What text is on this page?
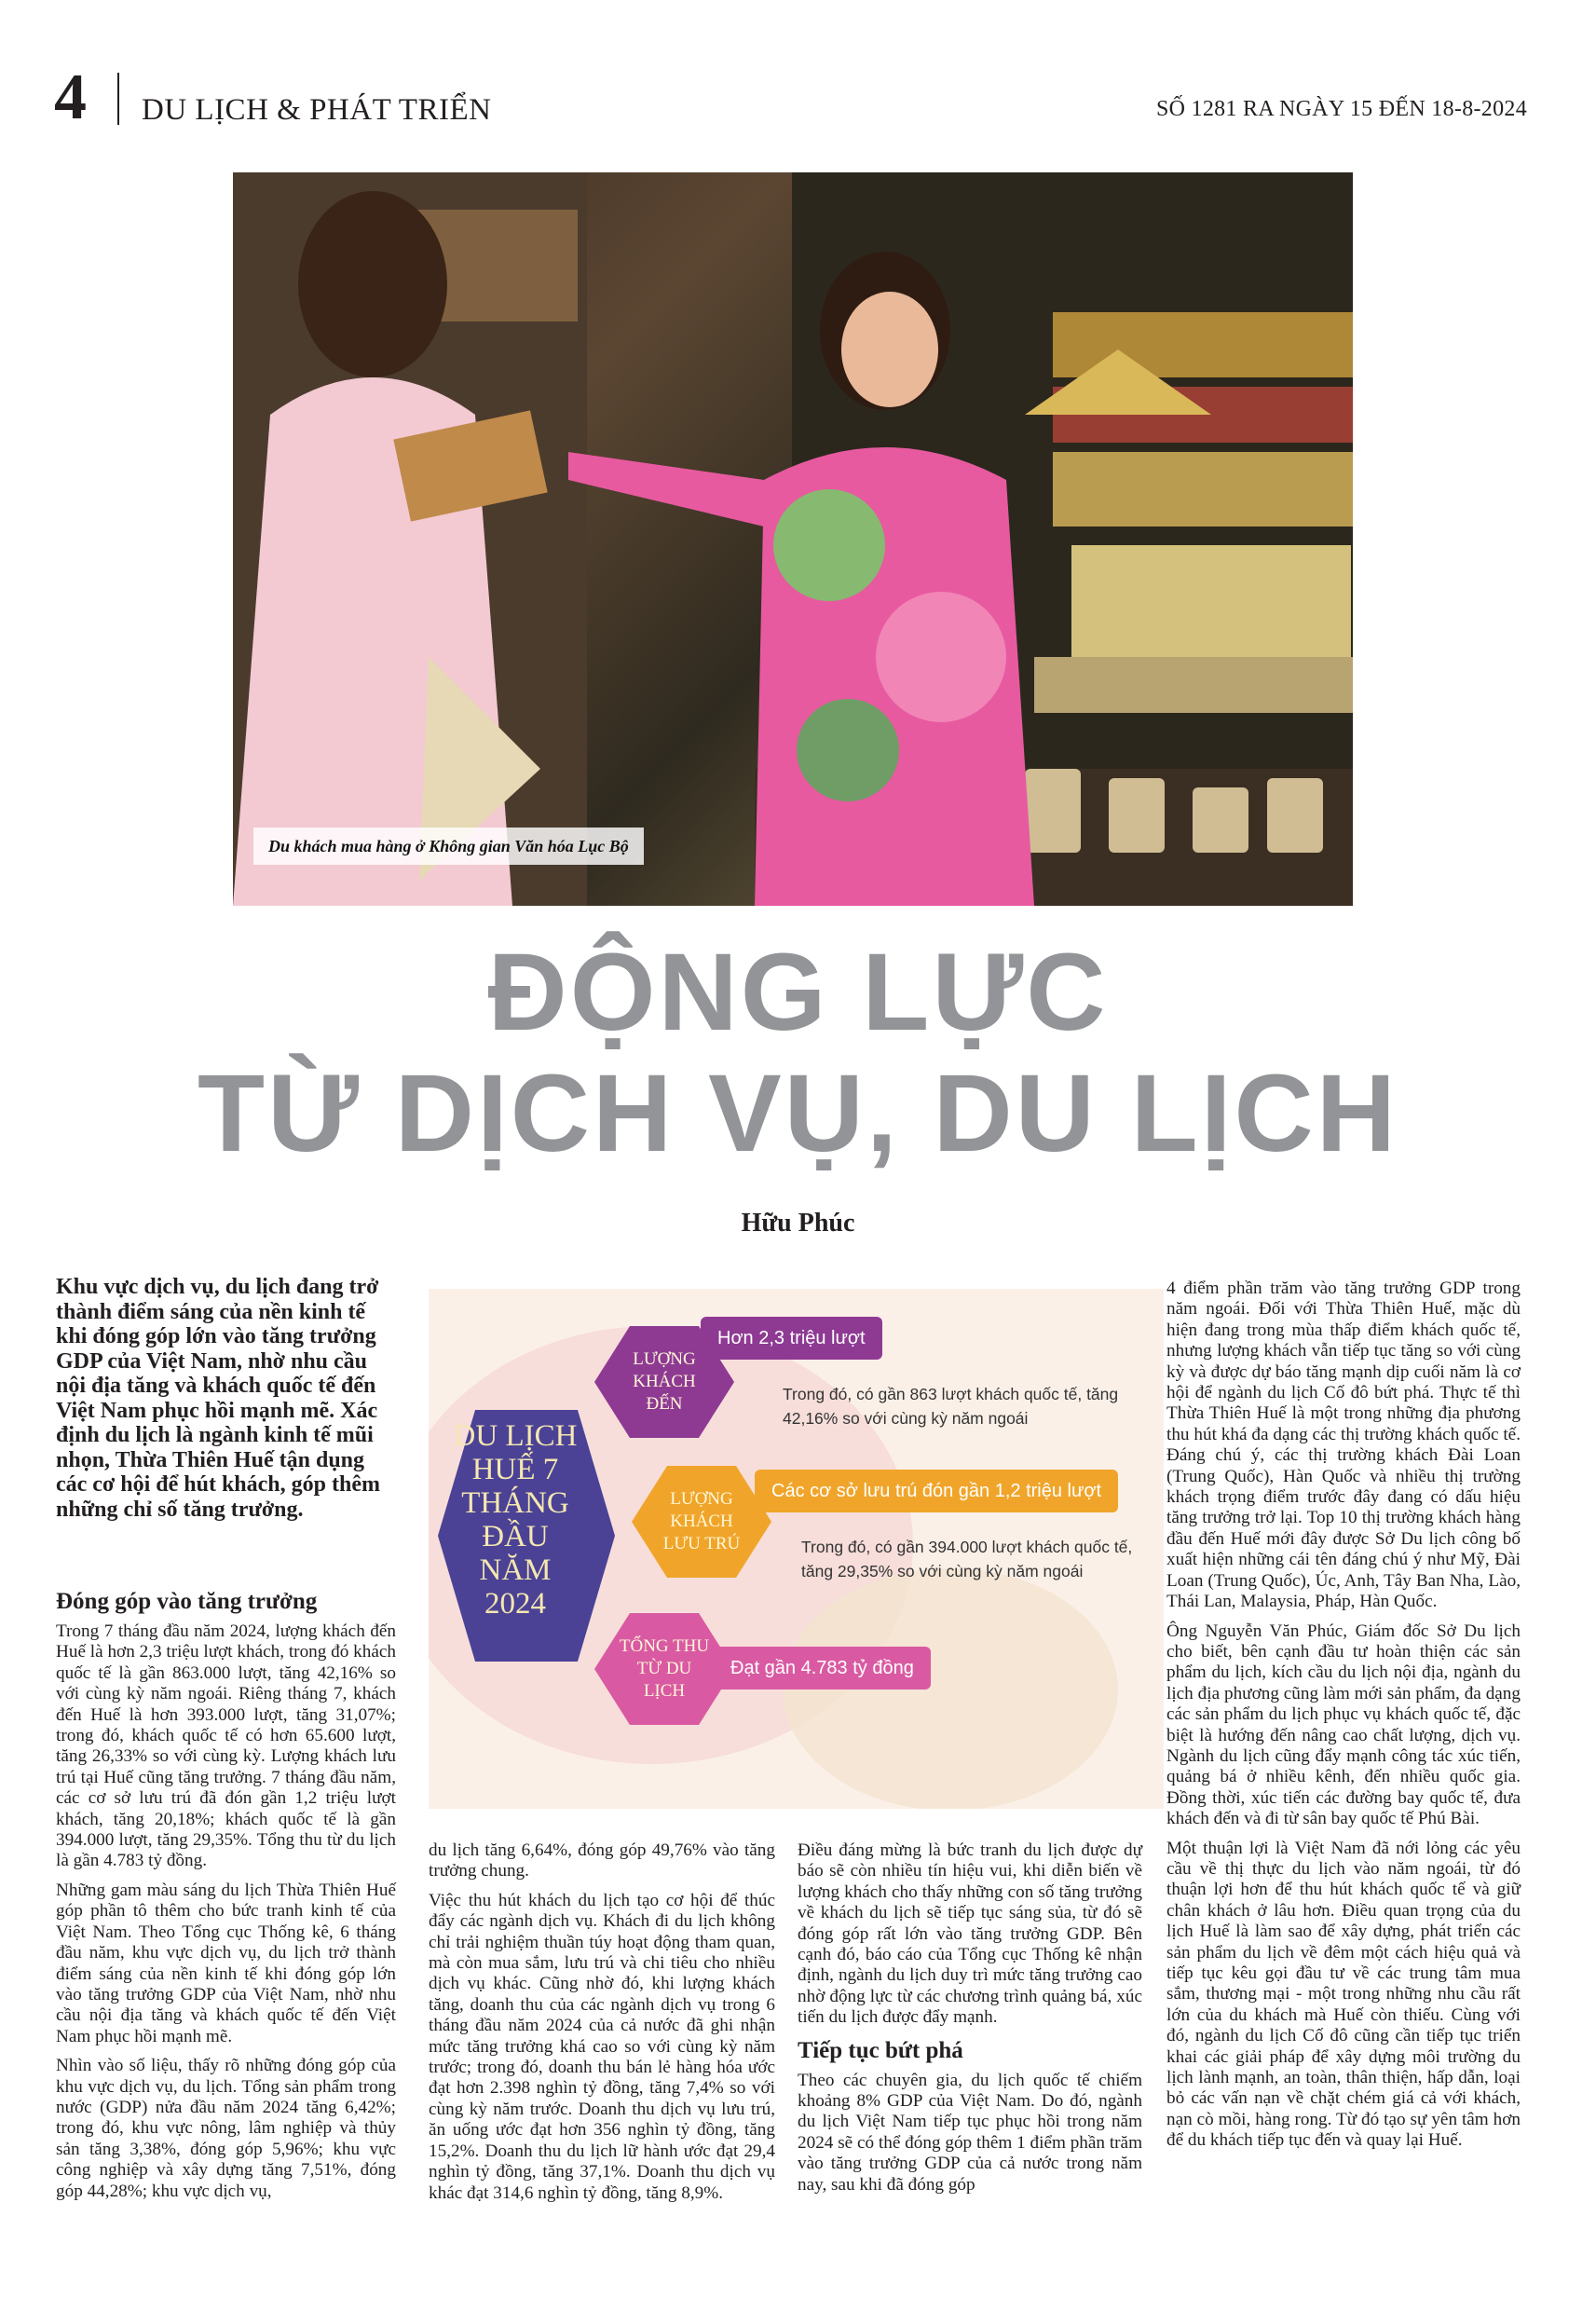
4 DU LỊCH & PHÁT TRIỂN	SỐ 1281 RA NGÀY 15 ĐẾN 18-8-2024
Du khách mua hàng ở Không gian Văn hóa Lục Bộ
ĐỘNG LỰC
TỪ DỊCH VỤ, DU LỊCH
Hữu Phúc
Khu vực dịch vụ, du lịch đang trở thành điểm sáng của nền kinh tế khi đóng góp lớn vào tăng trưởng GDP của Việt Nam, nhờ nhu cầu nội địa tăng và khách quốc tế đến Việt Nam phục hồi mạnh mẽ. Xác định du lịch là ngành kinh tế mũi nhọn, Thừa Thiên Huế tận dụng các cơ hội để hút khách, góp thêm những chỉ số tăng trưởng.
Đóng góp vào tăng trưởng

Trong 7 tháng đầu năm 2024, lượng khách đến Huế là hơn 2,3 triệu lượt khách, trong đó khách quốc tế là gần 863.000 lượt, tăng 42,16% so với cùng kỳ năm ngoái. Riêng tháng 7, khách đến Huế là hơn 393.000 lượt, tăng 31,07%; trong đó, khách quốc tế có hơn 65.600 lượt, tăng 26,33% so với cùng kỳ. Lượng khách lưu trú tại Huế cũng tăng trưởng. 7 tháng đầu năm, các cơ sở lưu trú đã đón gần 1,2 triệu lượt khách, tăng 20,18%; khách quốc tế là gần 394.000 lượt, tăng 29,35%. Tổng thu từ du lịch là gần 4.783 tỷ đồng.

Những gam màu sáng du lịch Thừa Thiên Huế góp phần tô thêm cho bức tranh kinh tế của Việt Nam. Theo Tổng cục Thống kê, 6 tháng đầu năm, khu vực dịch vụ, du lịch trở thành điểm sáng của nền kinh tế khi đóng góp lớn vào tăng trưởng GDP của Việt Nam, nhờ nhu cầu nội địa tăng và khách quốc tế đến Việt Nam phục hồi mạnh mẽ.

Nhìn vào số liệu, thấy rõ những đóng góp của khu vực dịch vụ, du lịch. Tổng sản phẩm trong nước (GDP) nửa đầu năm 2024 tăng 6,42%; trong đó, khu vực nông, lâm nghiệp và thủy sản tăng 3,38%, đóng góp 5,96%; khu vực công nghiệp và xây dựng tăng 7,51%, đóng góp 44,28%; khu vực dịch vụ,

DU LỊCH HUẾ 7 THÁNG ĐẦU NĂM 2024
LƯỢNG KHÁCH ĐẾN
LƯỢNG KHÁCH LƯU TRÚ
TỔNG THU TỪ DU LỊCH
Hơn 2,3 triệu lượt
Trong đó, có gần 863 lượt khách quốc tế, tăng 42,16% so với cùng kỳ năm ngoái
Các cơ sở lưu trú đón gần 1,2 triệu lượt
Trong đó, có gần 394.000 lượt khách quốc tế, tăng 29,35% so với cùng kỳ năm ngoái
Đạt gần 4.783 tỷ đồng

du lịch tăng 6,64%, đóng góp 49,76% vào tăng trưởng chung.

Việc thu hút khách du lịch tạo cơ hội để thúc đẩy các ngành dịch vụ. Khách đi du lịch không chỉ trải nghiệm thuần túy hoạt động tham quan, mà còn mua sắm, lưu trú và chi tiêu cho nhiều dịch vụ khác. Cũng nhờ đó, khi lượng khách tăng, doanh thu của các ngành dịch vụ trong 6 tháng đầu năm 2024 của cả nước đã ghi nhận mức tăng trưởng khá cao so với cùng kỳ năm trước; trong đó, doanh thu bán lẻ hàng hóa ước đạt hơn 2.398 nghìn tỷ đồng, tăng 7,4% so với cùng kỳ năm trước. Doanh thu dịch vụ lưu trú, ăn uống ước đạt hơn 356 nghìn tỷ đồng, tăng 15,2%. Doanh thu du lịch lữ hành ước đạt 29,4 nghìn tỷ đồng, tăng 37,1%. Doanh thu dịch vụ khác đạt 314,6 nghìn tỷ đồng, tăng 8,9%.

Điều đáng mừng là bức tranh du lịch được dự báo sẽ còn nhiều tín hiệu vui, khi diễn biến về lượng khách cho thấy những con số tăng trưởng về khách du lịch sẽ tiếp tục sáng sủa, từ đó sẽ đóng góp rất lớn vào tăng trưởng GDP. Bên cạnh đó, báo cáo của Tổng cục Thống kê nhận định, ngành du lịch duy trì mức tăng trưởng cao nhờ động lực từ các chương trình quảng bá, xúc tiến du lịch được đẩy mạnh.

Tiếp tục bứt phá

Theo các chuyên gia, du lịch quốc tế chiếm khoảng 8% GDP của Việt Nam. Do đó, ngành du lịch Việt Nam tiếp tục phục hồi trong năm 2024 sẽ có thể đóng góp thêm 1 điểm phần trăm vào tăng trưởng GDP của cả nước trong năm nay, sau khi đã đóng góp

4 điểm phần trăm vào tăng trưởng GDP trong năm ngoái. Đối với Thừa Thiên Huế, mặc dù hiện đang trong mùa thấp điểm khách quốc tế, nhưng lượng khách vẫn tiếp tục tăng so với cùng kỳ và được dự báo tăng mạnh dịp cuối năm là cơ hội để ngành du lịch Cố đô bứt phá. Thực tế thì Thừa Thiên Huế là một trong những địa phương thu hút khá đa dạng các thị trường khách quốc tế. Đáng chú ý, các thị trường khách Đài Loan (Trung Quốc), Hàn Quốc và nhiều thị trường khách trọng điểm trước đây đang có dấu hiệu tăng trưởng trở lại. Top 10 thị trường khách hàng đầu đến Huế mới đây được Sở Du lịch công bố xuất hiện những cái tên đáng chú ý như Mỹ, Đài Loan (Trung Quốc), Úc, Anh, Tây Ban Nha, Lào, Thái Lan, Malaysia, Pháp, Hàn Quốc.

Ông Nguyễn Văn Phúc, Giám đốc Sở Du lịch cho biết, bên cạnh đầu tư hoàn thiện các sản phẩm du lịch, kích cầu du lịch nội địa, ngành du lịch địa phương cũng làm mới sản phẩm, đa dạng các sản phẩm du lịch phục vụ khách quốc tế, đặc biệt là hướng đến nâng cao chất lượng, dịch vụ. Ngành du lịch cũng đẩy mạnh công tác xúc tiến, quảng bá ở nhiều kênh, đến nhiều quốc gia. Đồng thời, xúc tiến các đường bay quốc tế, đưa khách đến và đi từ sân bay quốc tế Phú Bài.

Một thuận lợi là Việt Nam đã nới lỏng các yêu cầu về thị thực du lịch vào năm ngoái, từ đó thuận lợi hơn để thu hút khách quốc tế và giữ chân khách ở lâu hơn. Điều quan trọng của du lịch Huế là làm sao để xây dựng, phát triển các sản phẩm du lịch về đêm một cách hiệu quả và tiếp tục kêu gọi đầu tư về các trung tâm mua sắm, thương mại - một trong những nhu cầu rất lớn của du khách mà Huế còn thiếu. Cùng với đó, ngành du lịch Cố đô cũng cần tiếp tục triển khai các giải pháp để xây dựng môi trường du lịch lành mạnh, an toàn, thân thiện, hấp dẫn, loại bỏ các vấn nạn về chặt chém giá cả với khách, nạn cò mồi, hàng rong. Từ đó tạo sự yên tâm hơn để du khách tiếp tục đến và quay lại Huế.
